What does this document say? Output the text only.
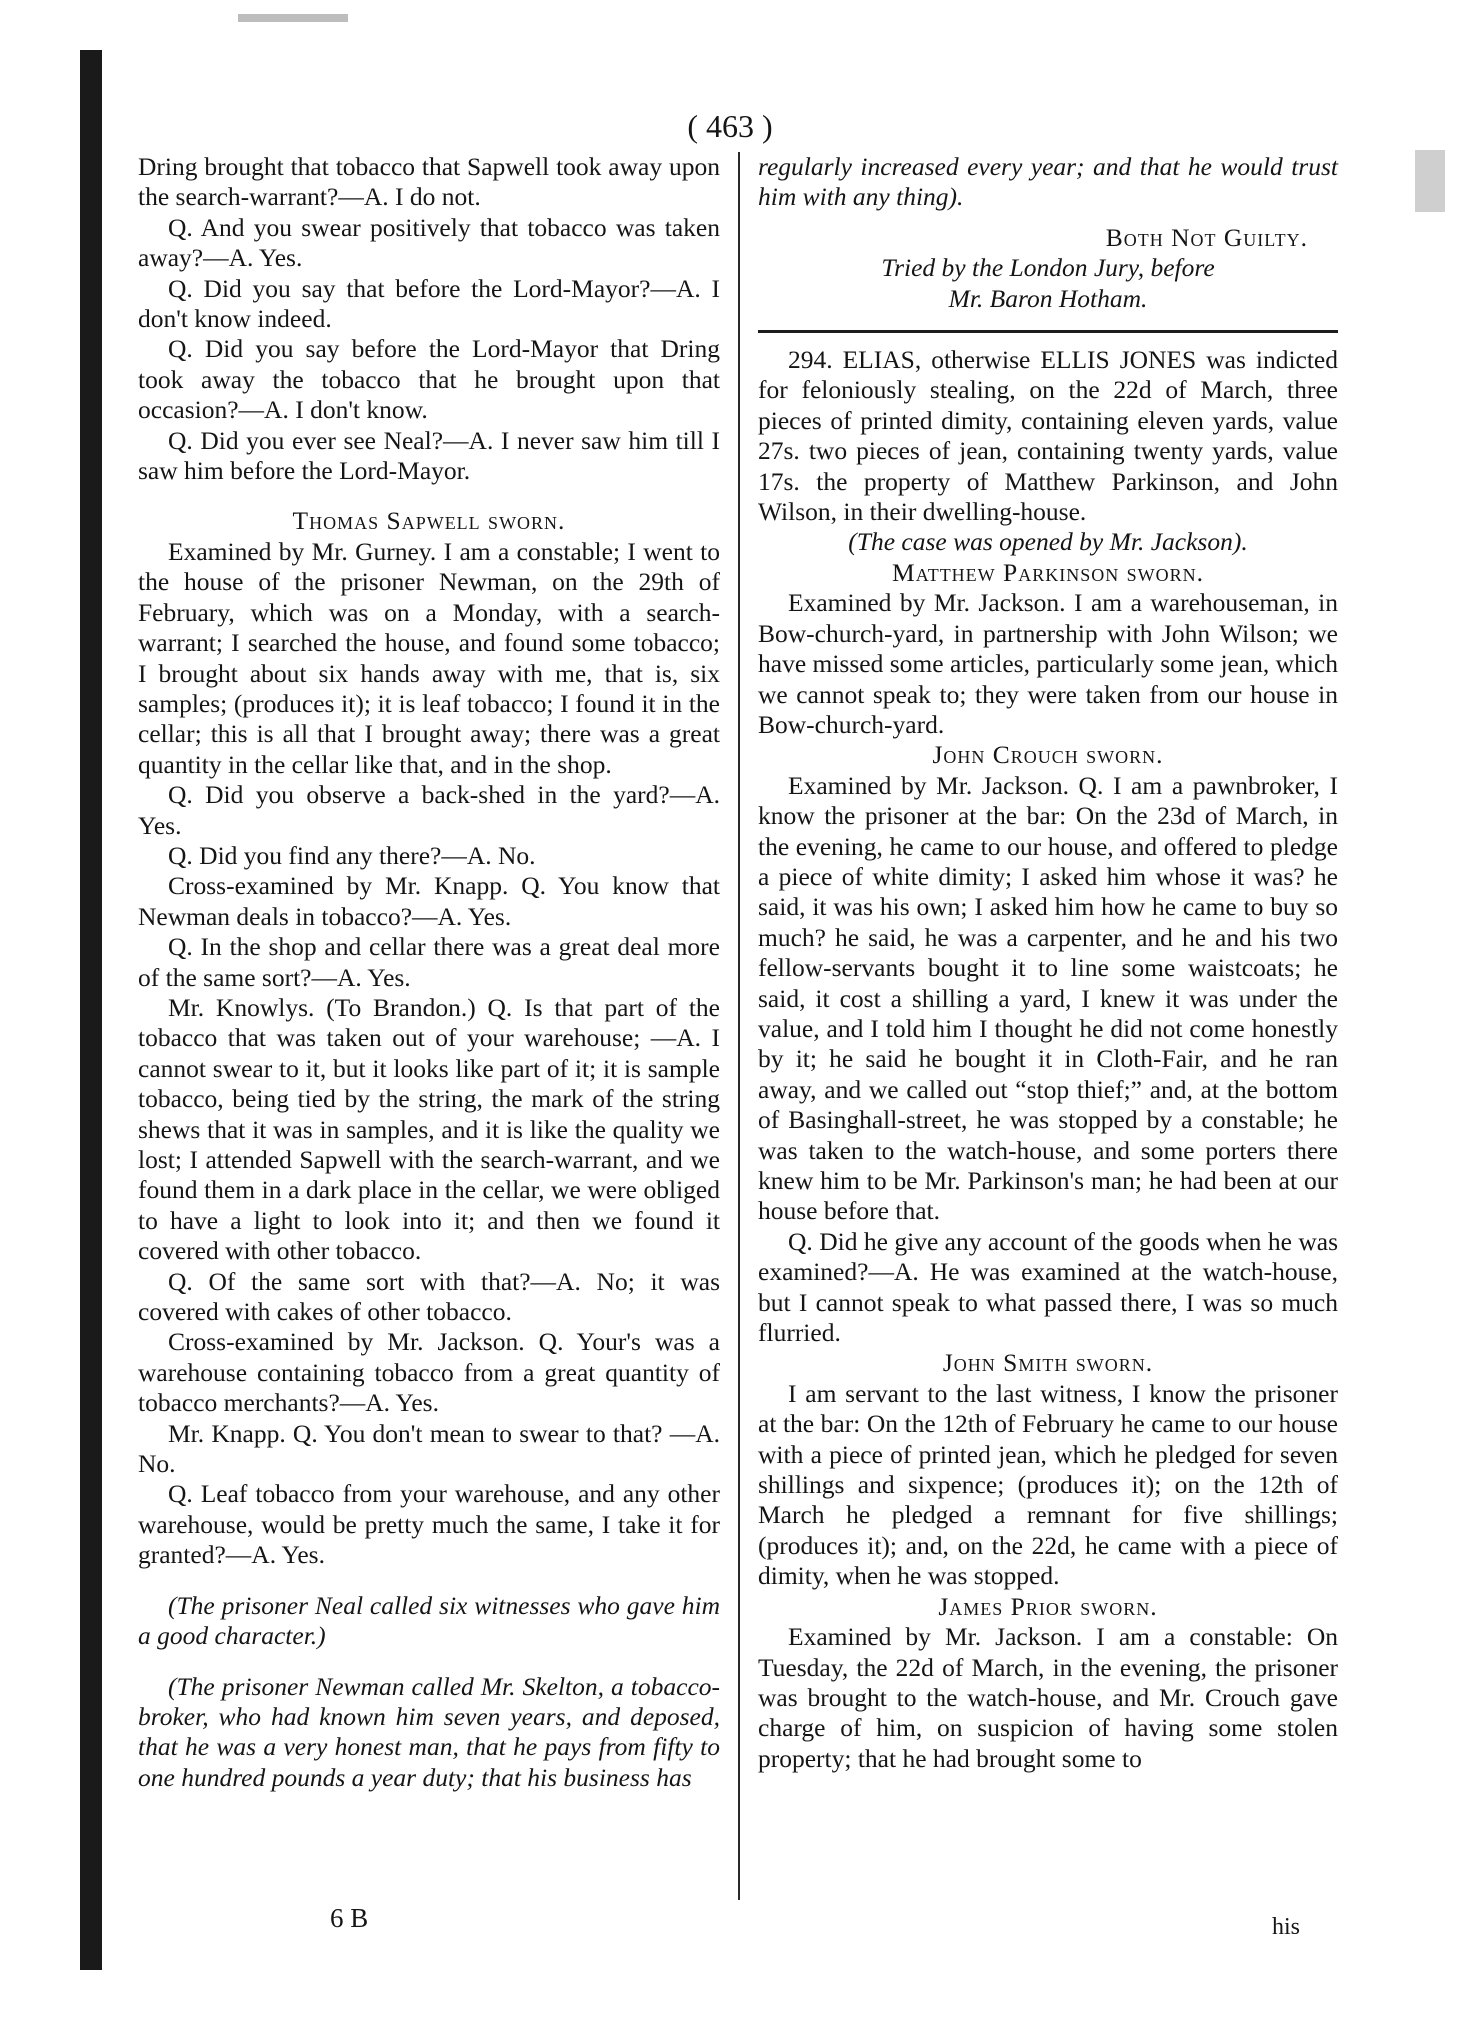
( 463 )

Dring brought that tobacco that Sapwell took away upon the search-warrant?—A. I do not.

Q. And you swear positively that tobacco was taken away?—A. Yes.

Q. Did you say that before the Lord-Mayor?—A. I don't know indeed.

Q. Did you say before the Lord-Mayor that Dring took away the tobacco that he brought upon that occasion?—A. I don't know.

Q. Did you ever see Neal?—A. I never saw him till I saw him before the Lord-Mayor.

Thomas Sapwell sworn.

Examined by Mr. Gurney. I am a constable; I went to the house of the prisoner Newman, on the 29th of February, which was on a Monday, with a search-warrant; I searched the house, and found some tobacco; I brought about six hands away with me, that is, six samples; (produces it); it is leaf tobacco; I found it in the cellar; this is all that I brought away; there was a great quantity in the cellar like that, and in the shop.

Q. Did you observe a back-shed in the yard?—A. Yes.

Q. Did you find any there?—A. No.

Cross-examined by Mr. Knapp. Q. You know that Newman deals in tobacco?—A. Yes.

Q. In the shop and cellar there was a great deal more of the same sort?—A. Yes.

Mr. Knowlys. (To Brandon.) Q. Is that part of the tobacco that was taken out of your warehouse; —A. I cannot swear to it, but it looks like part of it; it is sample tobacco, being tied by the string, the mark of the string shews that it was in samples, and it is like the quality we lost; I attended Sapwell with the search-warrant, and we found them in a dark place in the cellar, we were obliged to have a light to look into it; and then we found it covered with other tobacco.

Q. Of the same sort with that?—A. No; it was covered with cakes of other tobacco.

Cross-examined by Mr. Jackson. Q. Your's was a warehouse containing tobacco from a great quantity of tobacco merchants?—A. Yes.

Mr. Knapp. Q. You don't mean to swear to that? —A. No.

Q. Leaf tobacco from your warehouse, and any other warehouse, would be pretty much the same, I take it for granted?—A. Yes.

(The prisoner Neal called six witnesses who gave him a good character.)

(The prisoner Newman called Mr. Skelton, a tobacco-broker, who had known him seven years, and deposed, that he was a very honest man, that he pays from fifty to one hundred pounds a year duty; that his business has

regularly increased every year; and that he would trust him with any thing).

Both Not Guilty.

Tried by the London Jury, before

Mr. Baron Hotham.

294. ELIAS, otherwise ELLIS JONES was indicted for feloniously stealing, on the 22d of March, three pieces of printed dimity, containing eleven yards, value 27s. two pieces of jean, containing twenty yards, value 17s. the property of Matthew Parkinson, and John Wilson, in their dwelling-house.

(The case was opened by Mr. Jackson).

Matthew Parkinson sworn.

Examined by Mr. Jackson. I am a warehouseman, in Bow-church-yard, in partnership with John Wilson; we have missed some articles, particularly some jean, which we cannot speak to; they were taken from our house in Bow-church-yard.

John Crouch sworn.

Examined by Mr. Jackson. Q. I am a pawnbroker, I know the prisoner at the bar: On the 23d of March, in the evening, he came to our house, and offered to pledge a piece of white dimity; I asked him whose it was? he said, it was his own; I asked him how he came to buy so much? he said, he was a carpenter, and he and his two fellow-servants bought it to line some waistcoats; he said, it cost a shilling a yard, I knew it was under the value, and I told him I thought he did not come honestly by it; he said he bought it in Cloth-Fair, and he ran away, and we called out “stop thief;” and, at the bottom of Basinghall-street, he was stopped by a constable; he was taken to the watch-house, and some porters there knew him to be Mr. Parkinson's man; he had been at our house before that.

Q. Did he give any account of the goods when he was examined?—A. He was examined at the watch-house, but I cannot speak to what passed there, I was so much flurried.

John Smith sworn.

I am servant to the last witness, I know the prisoner at the bar: On the 12th of February he came to our house with a piece of printed jean, which he pledged for seven shillings and sixpence; (produces it); on the 12th of March he pledged a remnant for five shillings; (produces it); and, on the 22d, he came with a piece of dimity, when he was stopped.

James Prior sworn.

Examined by Mr. Jackson. I am a constable: On Tuesday, the 22d of March, in the evening, the prisoner was brought to the watch-house, and Mr. Crouch gave charge of him, on suspicion of having some stolen property; that he had brought some to

6 B	his
